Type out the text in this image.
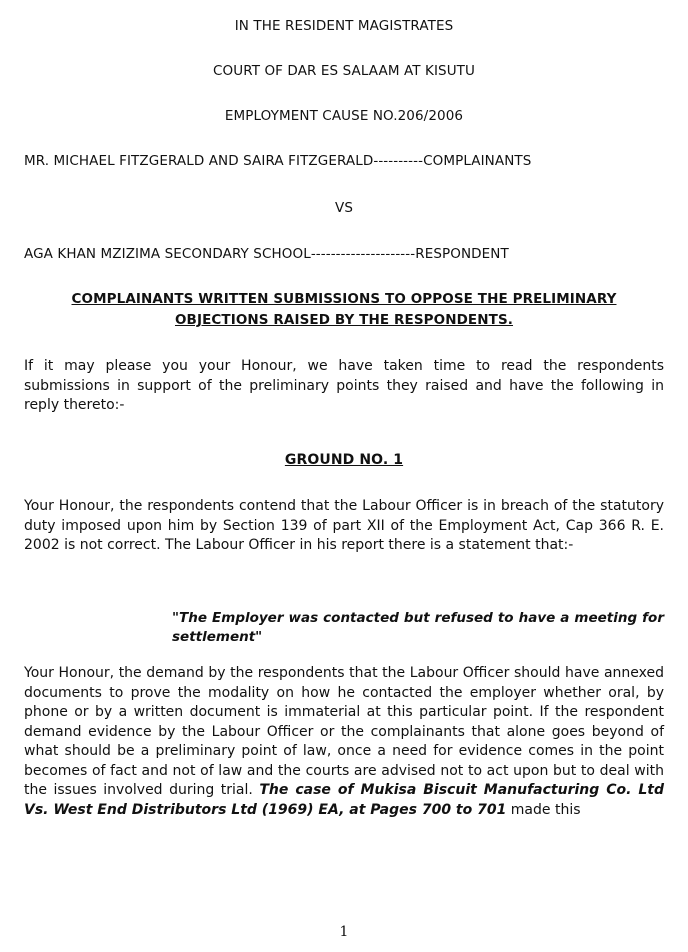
IN THE RESIDENT MAGISTRATES
COURT OF DAR ES SALAAM AT KISUTU
EMPLOYMENT CAUSE NO.206/2006
MR. MICHAEL FITZGERALD AND SAIRA FITZGERALD ---------- COMPLAINANTS
VS
AGA KHAN MZIZIMA SECONDARY SCHOOL --------------------- RESPONDENT
COMPLAINANTS WRITTEN SUBMISSIONS TO OPPOSE THE PRELIMINARY
OBJECTIONS RAISED BY THE RESPONDENTS.
If it may please you your Honour, we have taken time to read the respondents submissions in support of the preliminary points they raised and have the following in reply thereto:-
GROUND NO. 1
Your Honour, the respondents contend that the Labour Officer is in breach of the statutory duty imposed upon him by Section 139 of part XII of the Employment Act, Cap 366 R. E. 2002 is not correct. The Labour Officer in his report there is a statement that:-
"The Employer was contacted but refused to have a meeting for settlement"
Your Honour, the demand by the respondents that the Labour Officer should have annexed documents to prove the modality on how he contacted the employer whether oral, by phone or by a written document is immaterial at this particular point. If the respondent demand evidence by the Labour Officer or the complainants that alone goes beyond of what should be a preliminary point of law, once a need for evidence comes in the point becomes of fact and not of law and the courts are advised not to act upon but to deal with the issues involved during trial. The case of Mukisa Biscuit Manufacturing Co. Ltd Vs. West End Distributors Ltd (1969) EA, at Pages 700 to 701 made this
1
